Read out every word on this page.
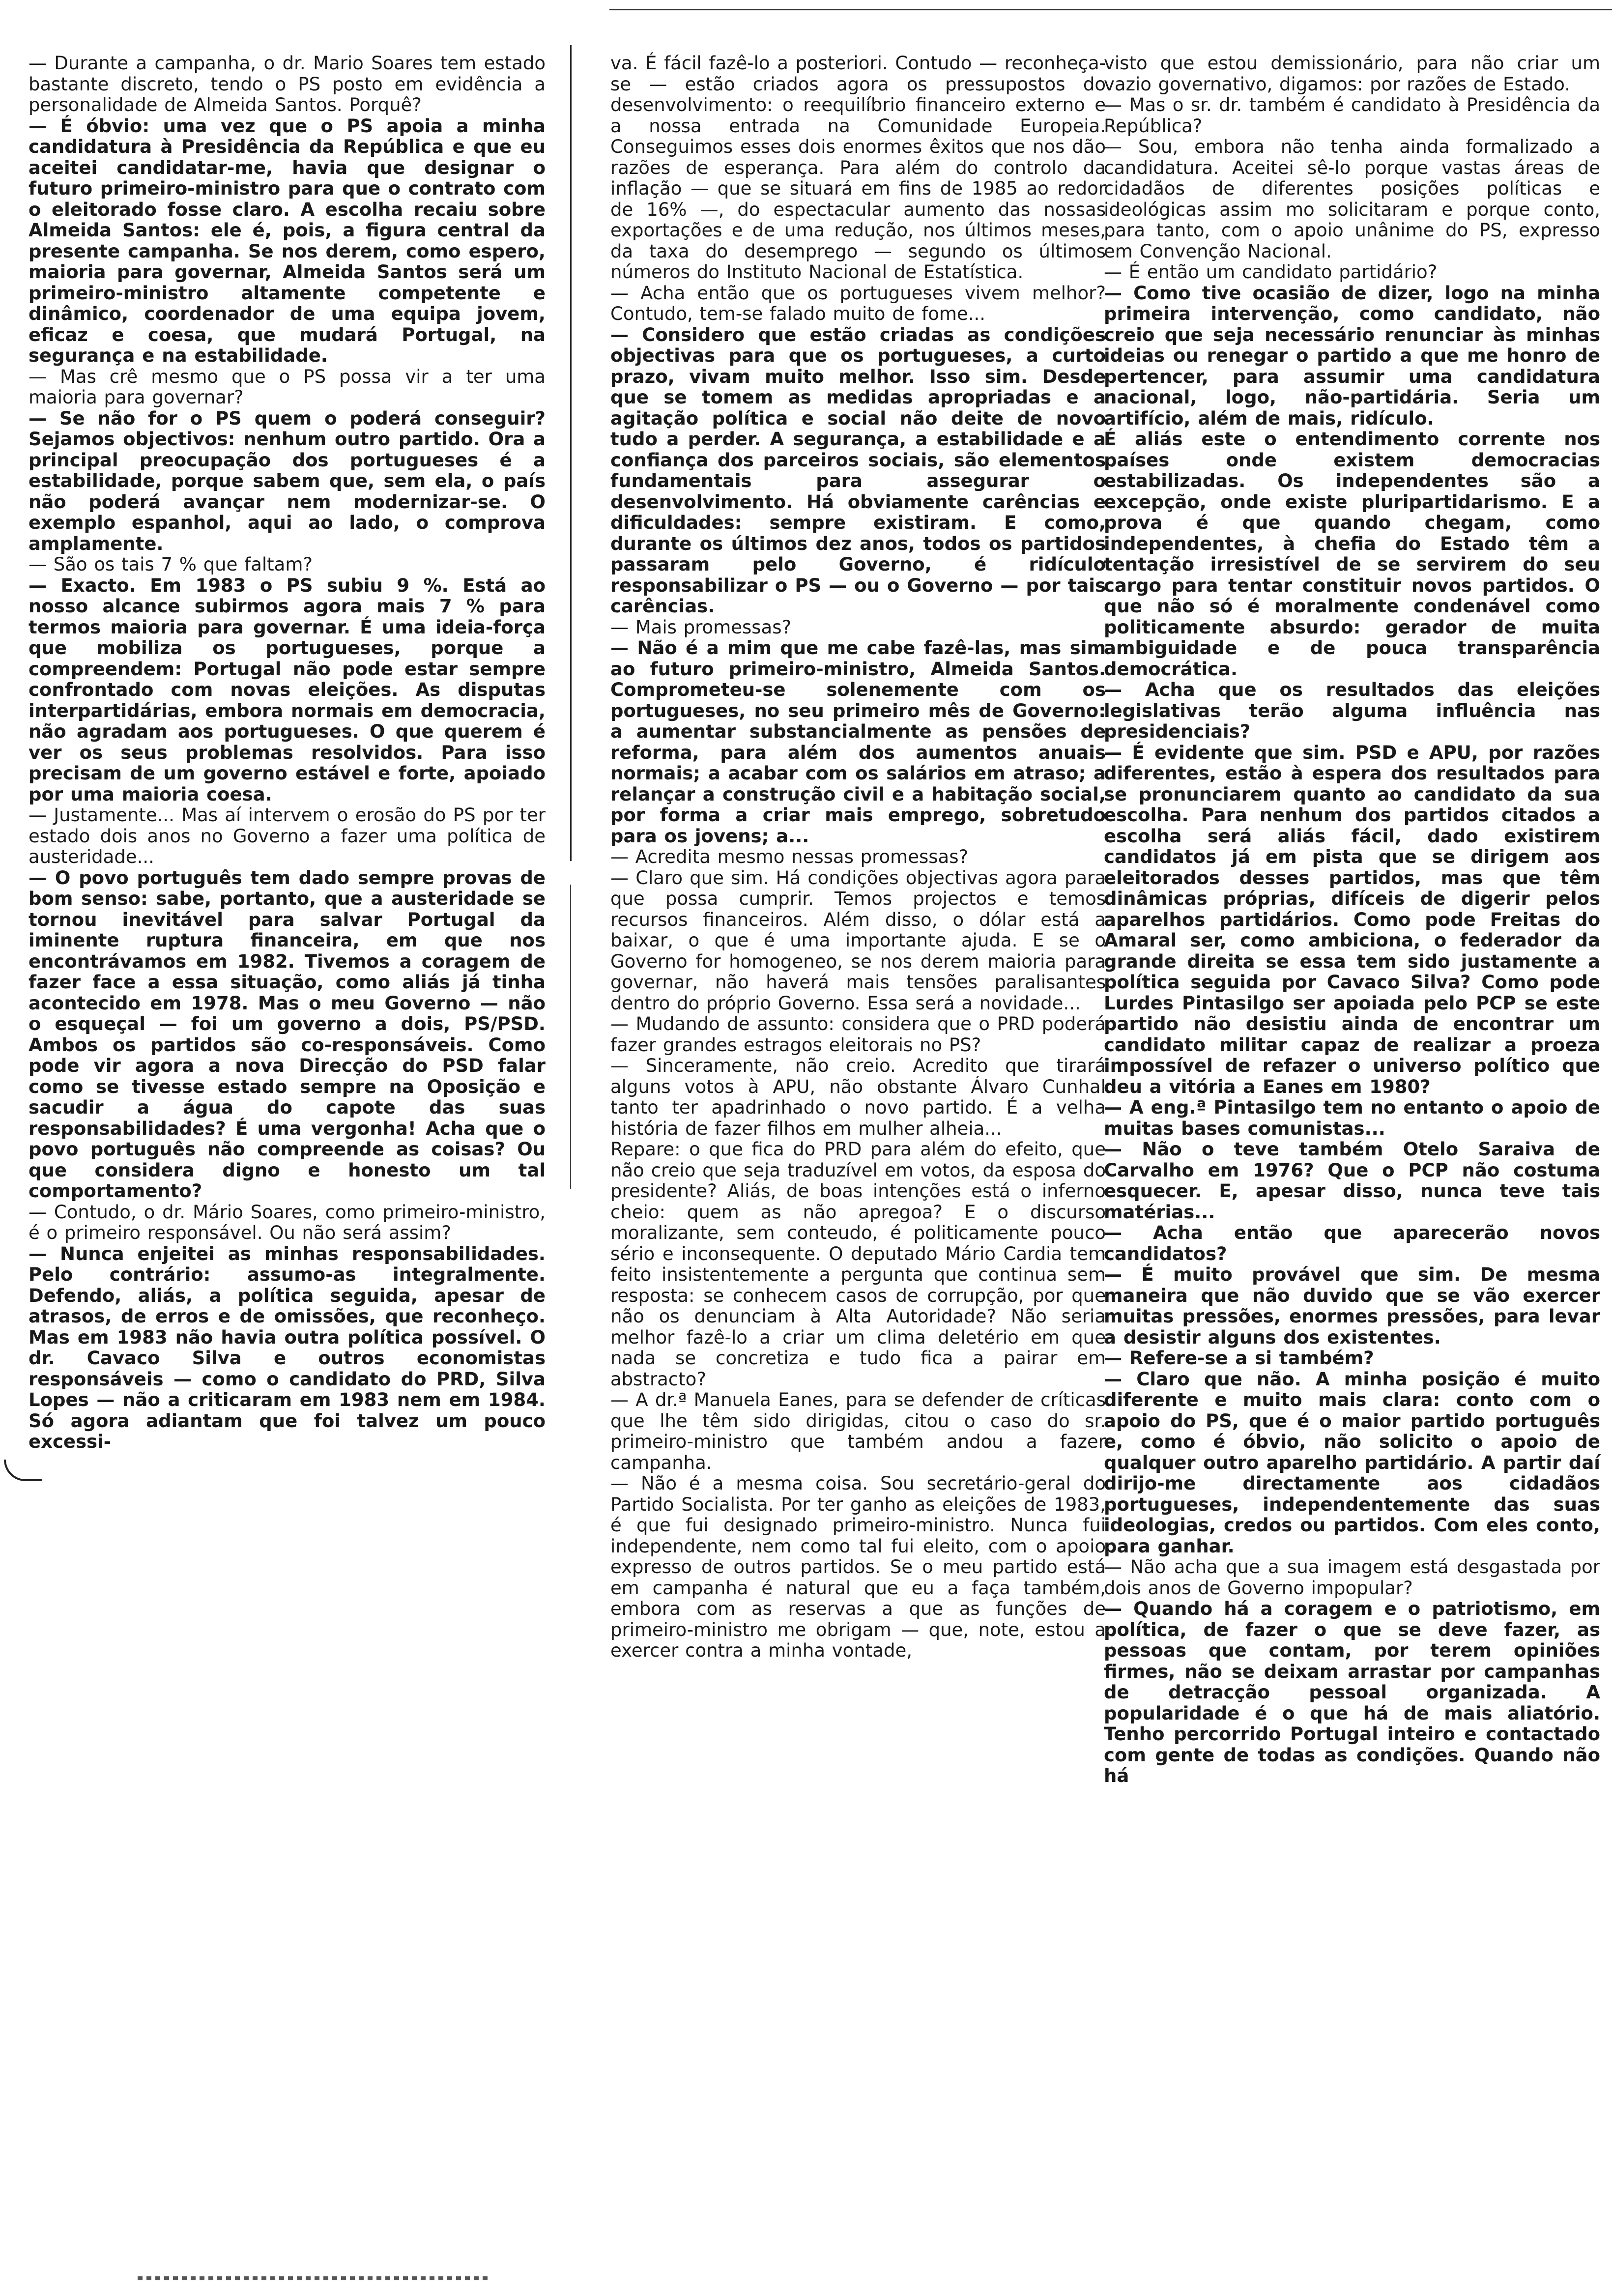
— Durante a campanha, o dr. Mario Soares tem estado bastante discreto, tendo o PS posto em evidência a personalidade de Almeida Santos. Porquê?

— É óbvio: uma vez que o PS apoia a minha candidatura à Presidência da República e que eu aceitei candidatar-me, havia que designar o futuro primeiro-ministro para que o contrato com o eleitorado fosse claro. A escolha recaiu sobre Almeida Santos: ele é, pois, a figura central da presente campanha. Se nos derem, como espero, maioria para governar, Almeida Santos será um primeiro-ministro altamente competente e dinâmico, coordenador de uma equipa jovem, eficaz e coesa, que mudará Portugal, na segurança e na estabilidade.

— Mas crê mesmo que o PS possa vir a ter uma maioria para governar?

— Se não for o PS quem o poderá conseguir? Sejamos objectivos: nenhum outro partido. Ora a principal preocupação dos portugueses é a estabilidade, porque sabem que, sem ela, o país não poderá avançar nem modernizar-se. O exemplo espanhol, aqui ao lado, o comprova amplamente.

— São os tais 7 % que faltam?

— Exacto. Em 1983 o PS subiu 9 %. Está ao nosso alcance subirmos agora mais 7 % para termos maioria para governar. É uma ideia-força que mobiliza os portugueses, porque a compreendem: Portugal não pode estar sempre confrontado com novas eleições. As disputas interpartidárias, embora normais em democracia, não agradam aos portugueses. O que querem é ver os seus problemas resolvidos. Para isso precisam de um governo estável e forte, apoiado por uma maioria coesa.

— Justamente... Mas aí intervem o erosão do PS por ter estado dois anos no Governo a fazer uma política de austeridade...

— O povo português tem dado sempre provas de bom senso: sabe, portanto, que a austeridade se tornou inevitável para salvar Portugal da iminente ruptura financeira, em que nos encontrávamos em 1982. Tivemos a coragem de fazer face a essa situação, como aliás já tinha acontecido em 1978. Mas o meu Governo — não o esqueçal — foi um governo a dois, PS/PSD. Ambos os partidos são co-responsáveis. Como pode vir agora a nova Direcção do PSD falar como se tivesse estado sempre na Oposição e sacudir a água do capote das suas responsabilidades? É uma vergonha! Acha que o povo português não compreende as coisas? Ou que considera digno e honesto um tal comportamento?

— Contudo, o dr. Mário Soares, como primeiro-ministro, é o primeiro responsável. Ou não será assim?

— Nunca enjeitei as minhas responsabilidades. Pelo contrário: assumo-as integralmente. Defendo, aliás, a política seguida, apesar de atrasos, de erros e de omissões, que reconheço. Mas em 1983 não havia outra política possível. O dr. Cavaco Silva e outros economistas responsáveis — como o candidato do PRD, Silva Lopes — não a criticaram em 1983 nem em 1984. Só agora adiantam que foi talvez um pouco excessi-

va. É fácil fazê-lo a posteriori. Contudo — reconheça-se — estão criados agora os pressupostos do desenvolvimento: o reequilíbrio financeiro externo e a nossa entrada na Comunidade Europeia. Conseguimos esses dois enormes êxitos que nos dão razões de esperança. Para além do controlo da inflação — que se situará em fins de 1985 ao redor de 16% —, do espectacular aumento das nossas exportações e de uma redução, nos últimos meses, da taxa do desemprego — segundo os últimos números do Instituto Nacional de Estatística.

— Acha então que os portugueses vivem melhor? Contudo, tem-se falado muito de fome...

— Considero que estão criadas as condições objectivas para que os portugueses, a curto prazo, vivam muito melhor. Isso sim. Desde que se tomem as medidas apropriadas e a agitação política e social não deite de novo tudo a perder. A segurança, a estabilidade e a confiança dos parceiros sociais, são elementos fundamentais para assegurar o desenvolvimento. Há obviamente carências e dificuldades: sempre existiram. E como, durante os últimos dez anos, todos os partidos passaram pelo Governo, é ridículo responsabilizar o PS — ou o Governo — por tais carências.

— Mais promessas?

— Não é a mim que me cabe fazê-las, mas sim ao futuro primeiro-ministro, Almeida Santos. Comprometeu-se solenemente com os portugueses, no seu primeiro mês de Governo: a aumentar substancialmente as pensões de reforma, para além dos aumentos anuais normais; a acabar com os salários em atraso; a relançar a construção civil e a habitação social, por forma a criar mais emprego, sobretudo para os jovens; a...

— Acredita mesmo nessas promessas?

— Claro que sim. Há condições objectivas agora para que possa cumprir. Temos projectos e temos recursos financeiros. Além disso, o dólar está a baixar, o que é uma importante ajuda. E se o Governo for homogeneo, se nos derem maioria para governar, não haverá mais tensões paralisantes dentro do próprio Governo. Essa será a novidade...

— Mudando de assunto: considera que o PRD poderá fazer grandes estragos eleitorais no PS?

— Sinceramente, não creio. Acredito que tirará alguns votos à APU, não obstante Álvaro Cunhal tanto ter apadrinhado o novo partido. É a velha história de fazer filhos em mulher alheia...

Repare: o que fica do PRD para além do efeito, que não creio que seja traduzível em votos, da esposa do presidente? Aliás, de boas intenções está o inferno cheio: quem as não apregoa? E o discurso moralizante, sem conteudo, é politicamente pouco sério e inconsequente. O deputado Mário Cardia tem feito insistentemente a pergunta que continua sem resposta: se conhecem casos de corrupção, por que não os denunciam à Alta Autoridade? Não seria melhor fazê-lo a criar um clima deletério em que nada se concretiza e tudo fica a pairar em abstracto?

— A dr.ª Manuela Eanes, para se defender de críticas que lhe têm sido dirigidas, citou o caso do sr. primeiro-ministro que também andou a fazer campanha.

— Não é a mesma coisa. Sou secretário-geral do Partido Socialista. Por ter ganho as eleições de 1983, é que fui designado primeiro-ministro. Nunca fui independente, nem como tal fui eleito, com o apoio expresso de outros partidos. Se o meu partido está em campanha é natural que eu a faça também, embora com as reservas a que as funções de primeiro-ministro me obrigam — que, note, estou a exercer contra a minha vontade,

visto que estou demissionário, para não criar um vazio governativo, digamos: por razões de Estado.

— Mas o sr. dr. também é candidato à Presidência da República?

— Sou, embora não tenha ainda formalizado a candidatura. Aceitei sê-lo porque vastas áreas de cidadãos de diferentes posições políticas e ideológicas assim mo solicitaram e porque conto, para tanto, com o apoio unânime do PS, expresso em Convenção Nacional.

— É então um candidato partidário?

— Como tive ocasião de dizer, logo na minha primeira intervenção, como candidato, não creio que seja necessário renunciar às minhas ideias ou renegar o partido a que me honro de pertencer, para assumir uma candidatura nacional, logo, não-partidária. Seria um artifício, além de mais, ridículo.

É aliás este o entendimento corrente nos países onde existem democracias estabilizadas. Os independentes são a excepção, onde existe pluripartidarismo. E a prova é que quando chegam, como independentes, à chefia do Estado têm a tentação irresistível de se servirem do seu cargo para tentar constituir novos partidos. O que não só é moralmente condenável como politicamente absurdo: gerador de muita ambiguidade e de pouca transparência democrática.

— Acha que os resultados das eleições legislativas terão alguma influência nas presidenciais?

— É evidente que sim. PSD e APU, por razões diferentes, estão à espera dos resultados para se pronunciarem quanto ao candidato da sua escolha. Para nenhum dos partidos citados a escolha será aliás fácil, dado existirem candidatos já em pista que se dirigem aos eleitorados desses partidos, mas que têm dinâmicas próprias, difíceis de digerir pelos aparelhos partidários. Como pode Freitas do Amaral ser, como ambiciona, o federador da grande direita se essa tem sido justamente a política seguida por Cavaco Silva? Como pode Lurdes Pintasilgo ser apoiada pelo PCP se este partido não desistiu ainda de encontrar um candidato militar capaz de realizar a proeza impossível de refazer o universo político que deu a vitória a Eanes em 1980?

— A eng.ª Pintasilgo tem no entanto o apoio de muitas bases comunistas...

— Não o teve também Otelo Saraiva de Carvalho em 1976? Que o PCP não costuma esquecer. E, apesar disso, nunca teve tais matérias...

— Acha então que aparecerão novos candidatos?

— É muito provável que sim. De mesma maneira que não duvido que se vão exercer muitas pressões, enormes pressões, para levar a desistir alguns dos existentes.

— Refere-se a si também?

— Claro que não. A minha posição é muito diferente e muito mais clara: conto com o apoio do PS, que é o maior partido português e, como é óbvio, não solicito o apoio de qualquer outro aparelho partidário. A partir daí dirijo-me directamente aos cidadãos portugueses, independentemente das suas ideologias, credos ou partidos. Com eles conto, para ganhar.

— Não acha que a sua imagem está desgastada por dois anos de Governo impopular?

— Quando há a coragem e o patriotismo, em política, de fazer o que se deve fazer, as pessoas que contam, por terem opiniões firmes, não se deixam arrastar por campanhas de detracção pessoal organizada. A popularidade é o que há de mais aliatório. Tenho percorrido Portugal inteiro e contactado com gente de todas as condições. Quando não há
